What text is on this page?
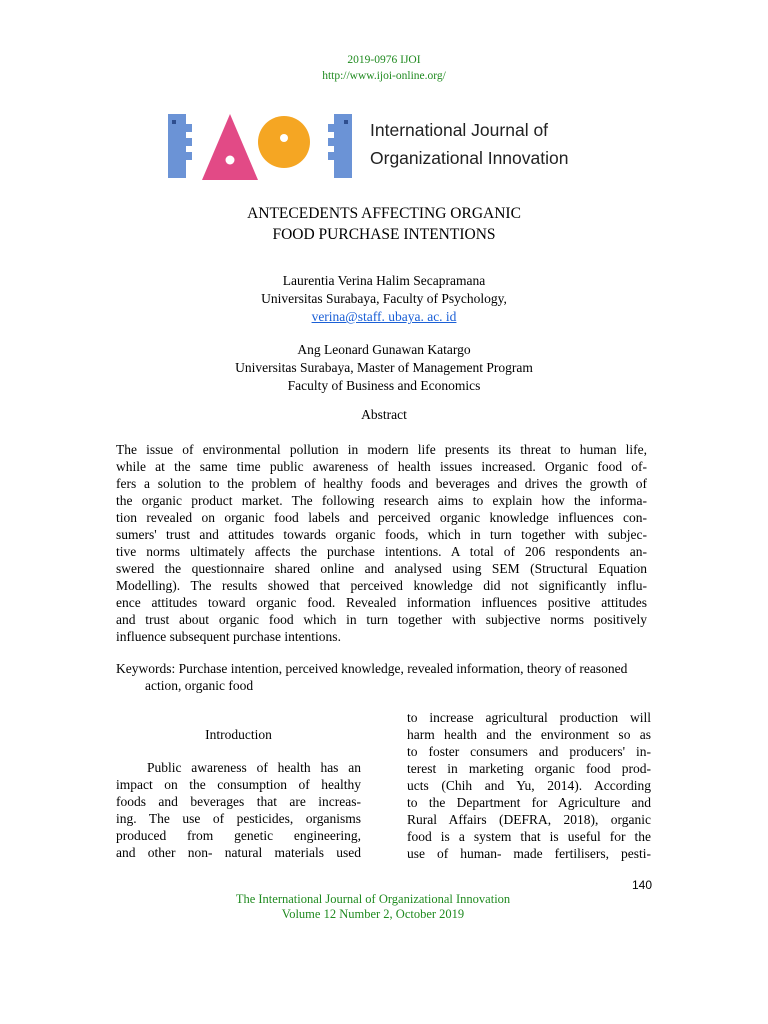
2019-0976 IJOI
http://www.ijoi-online.org/
International Journal of
Organizational Innovation
ANTECEDENTS AFFECTING ORGANIC
FOOD PURCHASE INTENTIONS
Laurentia Verina Halim Secapramana
Universitas Surabaya, Faculty of Psychology,
verina@staff. ubaya. ac. id
Ang Leonard Gunawan Katargo
Universitas Surabaya, Master of Management Program
Faculty of Business and Economics
Abstract
The issue of environmental pollution in modern life presents its threat to human life,
while at the same time public awareness of health issues increased. Organic food of-
fers a solution to the problem of healthy foods and beverages and drives the growth of
the organic product market. The following research aims to explain how the informa-
tion revealed on organic food labels and perceived organic knowledge influences con-
sumers' trust and attitudes towards organic foods, which in turn together with subjec-
tive norms ultimately affects the purchase intentions. A total of 206 respondents an-
swered the questionnaire shared online and analysed using SEM (Structural Equation
Modelling). The results showed that perceived knowledge did not significantly influ-
ence attitudes toward organic food. Revealed information influences positive attitudes
and trust about organic food which in turn together with subjective norms positively
influence subsequent purchase intentions.
Keywords: Purchase intention, perceived knowledge, revealed information, theory of reasoned action, organic food
Introduction
Public awareness of health has an
impact on the consumption of healthy
foods and beverages that are increas-
ing. The use of pesticides, organisms
produced from genetic engineering,
and other non- natural materials used
to increase agricultural production will
harm health and the environment so as
to foster consumers and producers' in-
terest in marketing organic food prod-
ucts (Chih and Yu, 2014). According
to the Department for Agriculture and
Rural Affairs (DEFRA, 2018), organic
food is a system that is useful for the
use of human- made fertilisers, pesti-
140
The International Journal of Organizational Innovation
Volume 12 Number 2, October 2019
